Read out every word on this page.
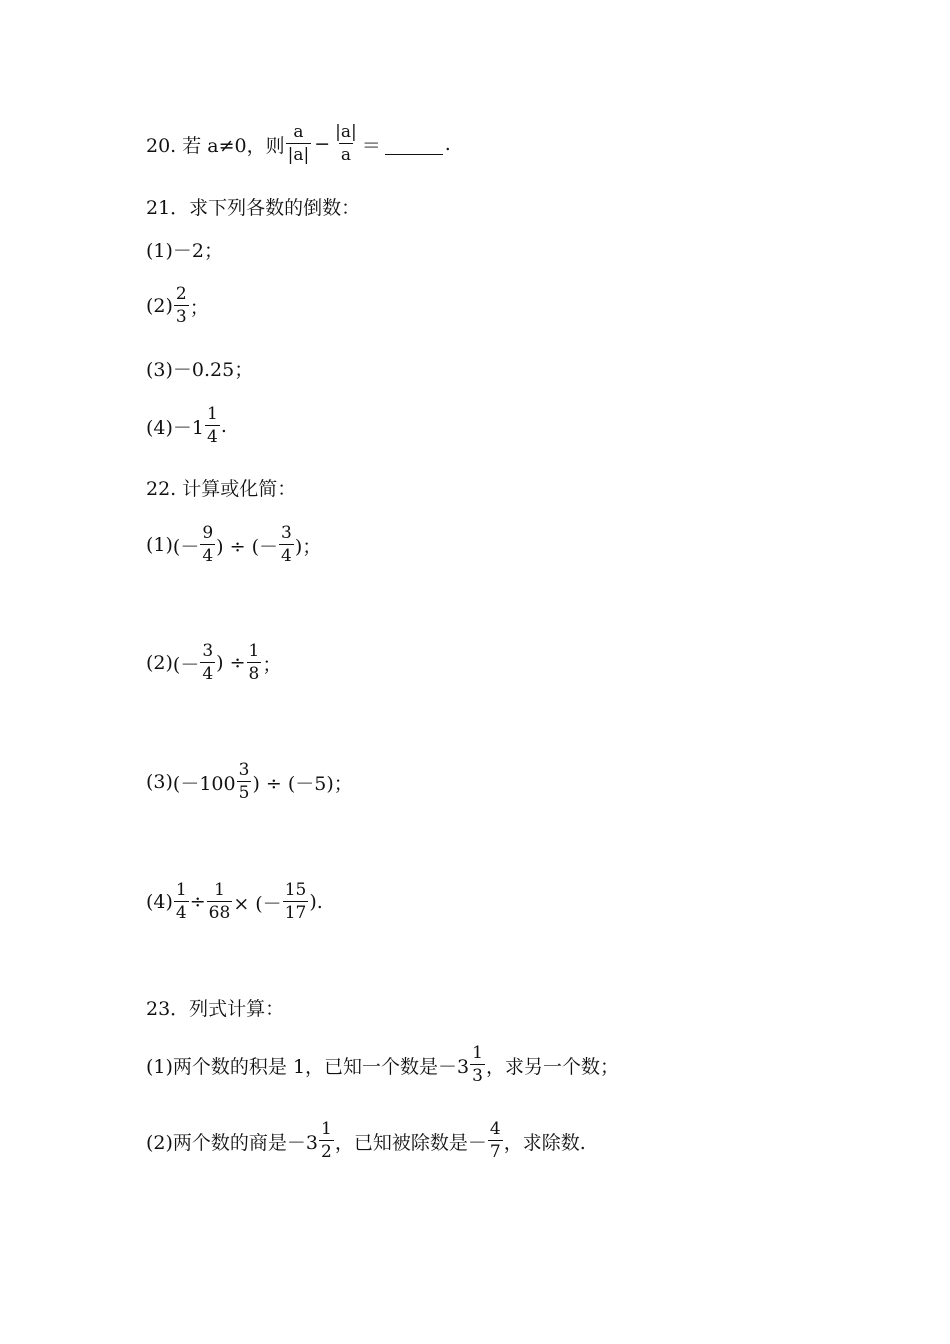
20. 若 a≠0，则 $\frac{a}{|a|} - \frac{|a|}{a}$ ＝	.
21．求下列各数的倒数：
(1)－2；
$(2) \frac{2}{3}$ ；
(3)－0.25；
$(4)-1 \frac{1}{4}$ .
22. 计算或化简：
(1) (－ $\frac{9}{4}$ ) ÷ (－ $\frac{3}{4}$ )；
(2) (－ $\frac{3}{4}$ ) ÷ $\frac{1}{8}$ ；
(3) ($-100 \frac{3}{5}$ ) ÷ (－5)；
$(4) \frac{1}{4} \div \frac{1}{68}$ × (－ $\frac{15}{17}$ ).
23．列式计算：
(1)两个数的积是 1，已知一个数是$-3 \frac{1}{3}$ ，求另一个数；
(2)两个数的商是$-3 \frac{1}{2}$ ，已知被除数是－ $\frac{4}{7}$ ，求除数.
